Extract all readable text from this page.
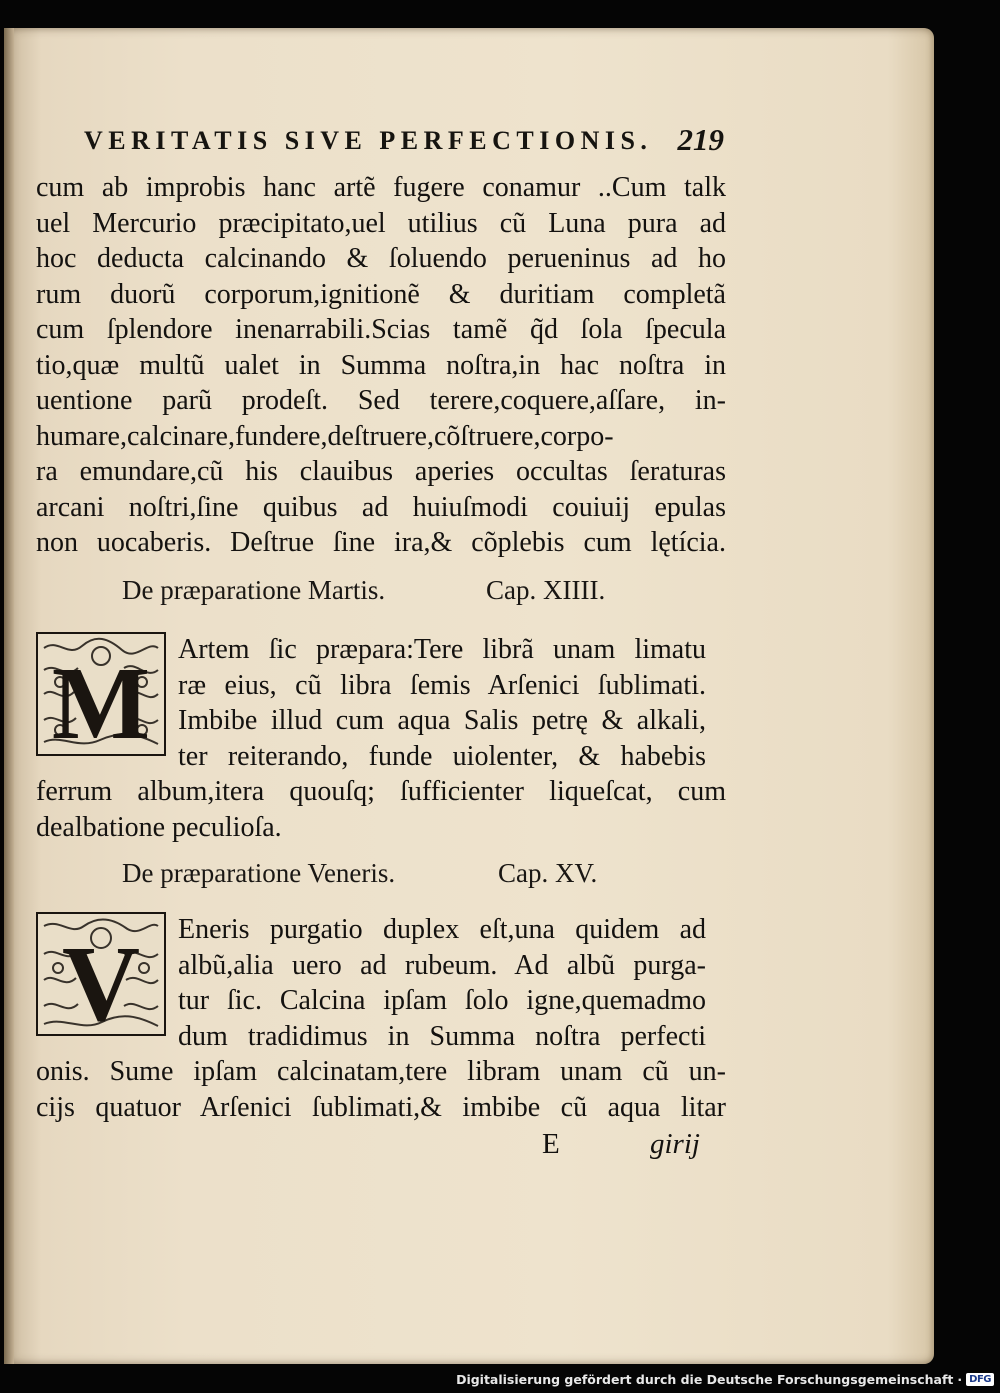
VERITATIS SIVE PERFECTIONIS. 219
cum ab improbis hanc artẽ fugere conamur ..Cum talk
uel Mercurio præcipitato,uel utilius cũ Luna pura ad
hoc deducta calcinando & ſoluendo perueninus ad ho
rum duorũ corporum,ignitionẽ & duritiam completã
cum ſplendore inenarrabili.Scias tamẽ q̃d ſola ſpecula
tio,quæ multũ ualet in Summa noſtra,in hac noſtra in
uentione parũ prodeſt. Sed terere,coquere,aſſare, in-
humare,calcinare,fundere,deſtruere,cõſtruere,corpo-
ra emundare,cũ his clauibus aperies occultas ſeraturas
arcani noſtri,ſine quibus ad huiuſmodi couiuij epulas
non uocaberis. Deſtrue ſine ira,& cõplebis cum lętícia.
De præparatione Martis.	Cap. XIIII.
M Artem ſic præpara:Tere librã unam limatu
ræ eius, cũ libra ſemis Arſenici ſublimati.
Imbibe illud cum aqua Salis petrę & alkali,
ter reiterando, funde uiolenter, & habebis
ferrum album,itera quouſq; ſufficienter liqueſcat, cum
dealbatione peculioſa.
De præparatione Veneris.	Cap. XV.
V Eneris purgatio duplex eſt,una quidem ad
albũ,alia uero ad rubeum. Ad albũ purga-
tur ſic. Calcina ipſam ſolo igne,quemadmo
dum tradidimus in Summa noſtra perfecti
onis. Sume ipſam calcinatam,tere libram unam cũ un-
cijs quatuor Arſenici ſublimati,& imbibe cũ aqua litar
E	girij
Digitalisierung gefördert durch die Deutsche Forschungsgemeinschaft · DFG
